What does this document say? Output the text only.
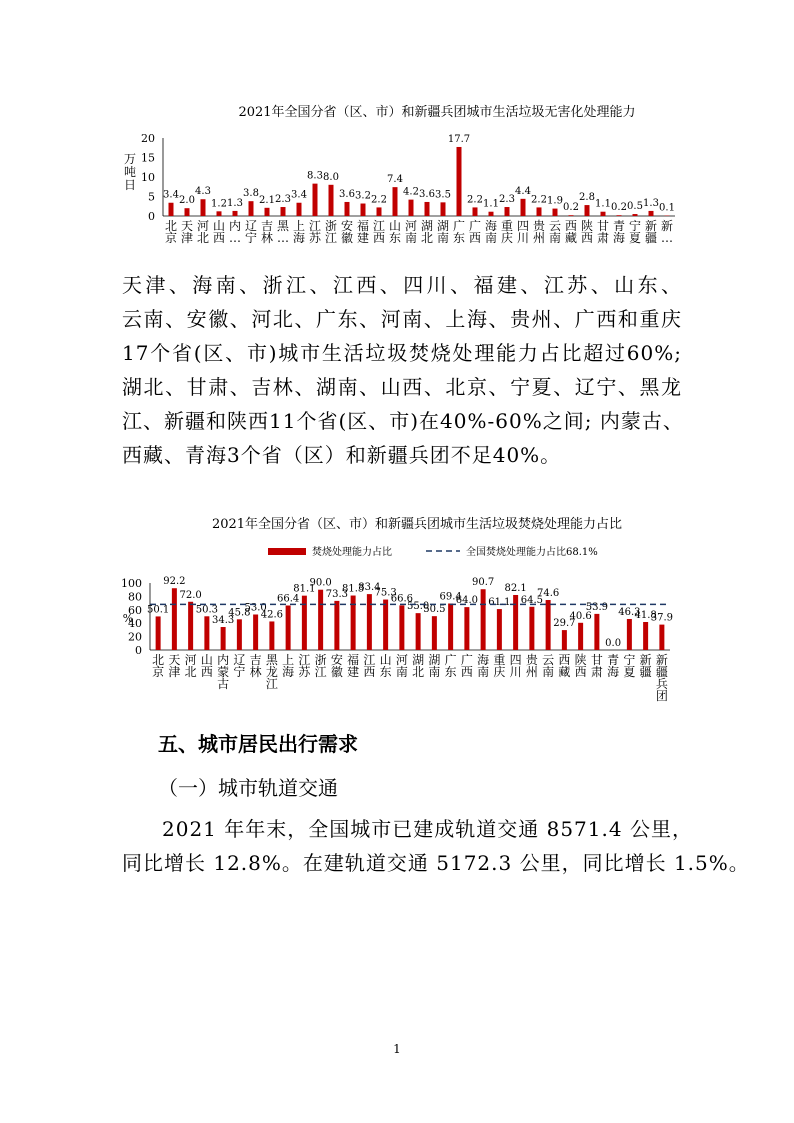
2021年全国分省（区、市）和新疆兵团城市生活垃圾无害化处理能力
0
5
10
15
20
万吨日
3.4
北京
2.0
天津
4.3
河北
1.2
山西
1.3
内…
3.8
辽宁
2.1
吉林
2.3
黑…
3.4
上海
8.3
江苏
8.0
浙江
3.6
安徽
3.2
福建
2.2
江西
7.4
山东
4.2
河南
3.6
湖北
3.5
湖南
17.7
广东
2.2
广西
1.1
海南
2.3
重庆
4.4
四川
2.2
贵州
1.9
云南
0.2
西藏
2.8
陕西
1.1
甘肃
0.2
青海
0.5
宁夏
1.3
新疆
0.1
新…

天津、海南、浙江、江西、四川、福建、江苏、山东、
云南、安徽、河北、广东、河南、上海、贵州、广西和重庆
17个省(区、市)城市生活垃圾焚烧处理能力占比超过60%;
湖北、甘肃、吉林、湖南、山西、北京、宁夏、辽宁、黑龙
江、新疆和陕西11个省(区、市)在40%-60%之间; 内蒙古、
西藏、青海3个省（区）和新疆兵团不足40%。

2021年全国分省（区、市）和新疆兵团城市生活垃圾焚烧处理能力占比
焚烧处理能力占比	全国焚烧处理能力占比68.1%
0
20
40
60
80
100
%
50.1
北京
92.2
天津
72.0
河北
50.3
山西
34.3
内蒙古
45.8
辽宁
53.0
吉林
42.6
黑龙江
66.4
上海
81.1
江苏
90.0
浙江
73.3
安徽
81.3
福建
83.4
江西
75.3
山东
66.6
河南
55.0
湖北
50.5
湖南
69.4
广东
64.0
广西
90.7
海南
61.1
重庆
82.1
四川
64.5
贵州
74.6
云南
29.7
西藏
40.6
陕西
53.9
甘肃
0.0
青海
46.3
宁夏
41.8
新疆
37.9
新疆兵团
五、城市居民出行需求
（一）城市轨道交通

2021 年年末，全国城市已建成轨道交通 8571.4 公里，
同比增长 12.8%。在建轨道交通 5172.3 公里，同比增长 1.5%。

1
